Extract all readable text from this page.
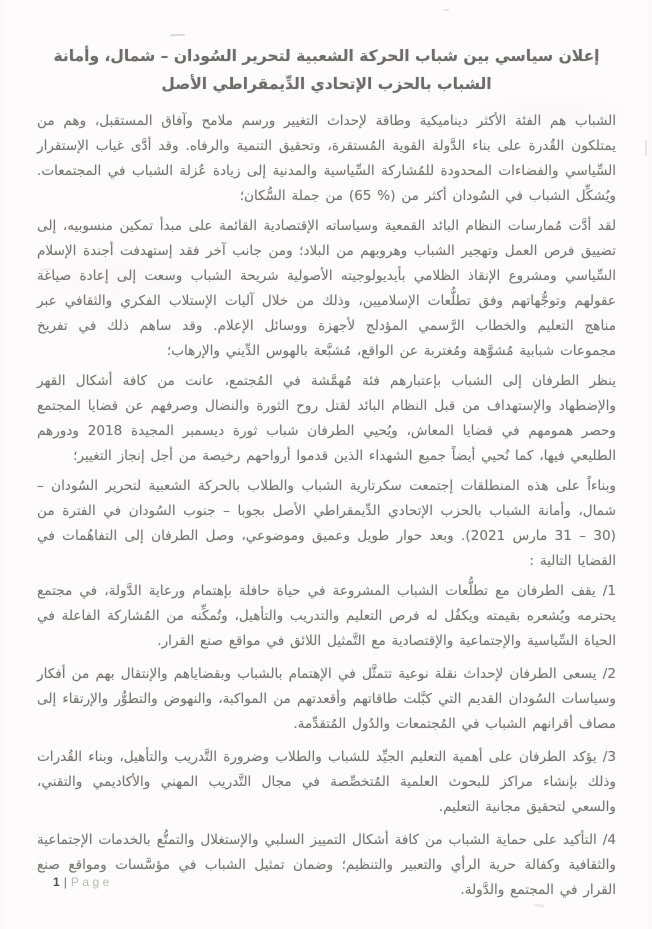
إعلان سياسي بين شباب الحركة الشعبية لتحرير السُودان – شمال، وأمانة الشباب بالحزب الإتحادي الدِّيمقراطي الأصل

الشباب هم الفئة الأكثر ديناميكية وطاقة لإحداث التغيير ورسم ملامح وآفاق المستقبل، وهم من يمتلكون القُدرة على بناء الدَّولة القوية المُستقرة، وتحقيق التنمية والرفاه. وقد أدَّى غياب الإستقرار السِّياسي والفضاءات المحدودة للمُشاركة السِّياسية والمدنية إلى زيادة عُزلة الشباب في المجتمعات. ويُشكِّل الشباب في السُودان أكثر من ⁦(65 %)⁩ من جملة السُّكان؛

لقد أدَّت مُمارسات النظام البائد القمعية وسياساته الإقتصادية القائمة على مبدأ تمكين منسوبيه، إلى تضييق فرص العمل وتهجير الشباب وهروبهم من البلاد؛ ومن جانب آخر فقد إستهدفت أجندة الإسلام السِّياسي ومشروع الإنقاذ الظلامي بأيديولوجيته الأصولية شريحة الشباب وسعت إلى إعادة صياغة عقولهم وتوجُّهاتهم وفق تطلُّعات الإسلاميين، وذلك من خلال آليات الإستلاب الفكري والثقافي عبر مناهج التعليم والخطاب الرَّسمي المؤدلج لأجهزة ووسائل الإعلام. وقد ساهم ذلك في تفريخ مجموعات شبابية مُشوَّهة ومُغتربة عن الواقع، مُشبَّعة بالهوس الدِّيني والإرهاب؛

ينظر الطرفان إلى الشباب بإعتبارهم فئة مُهمَّشة في المُجتمع، عانت من كافة أشكال القهر والإضطهاد والإستهداف من قبل النظام البائد لقتل روح الثورة والنضال وصرفهم عن قضايا المجتمع وحصر همومهم في قضايا المعاش، ويُحيي الطرفان شباب ثورة ديسمبر المجيدة 2018 ودورهم الطليعي فيها، كما نُحيي أيضاً جميع الشهداء الذين قدموا أرواحهم رخيصة من أجل إنجاز التغيير؛

وبناءاً على هذه المنطلقات إجتمعت سكرتارية الشباب والطلاب بالحركة الشعبية لتحرير السُودان – شمال، وأمانة الشباب بالحزب الإتحادي الدِّيمقراطي الأصل بجوبا – جنوب السُودان في الفترة من (30 – 31 مارس 2021). وبعد حوار طويل وعميق وموضوعي، وصل الطرفان إلى التفاهُمات في القضايا التالية :

1/ يقف الطرفان مع تطلُّعات الشباب المشروعة في حياة حافلة بإهتمام ورعاية الدَّولة، في مجتمع يحترمه ويُشعره بقيمته ويكفُل له فرص التعليم والتدريب والتأهيل، وتُمكِّنه من المُشاركة الفاعلة في الحياة السِّياسية والإجتماعية والإقتصادية مع التَّمثيل اللائق في مواقع صنع القرار.

2/ يسعى الطرفان لإحداث نقلة نوعية تتمثَّل في الإهتمام بالشباب وبقضاياهم والإنتقال بهم من أفكار وسياسات السُودان القديم التي كبَّلت طاقاتهم وأقعدتهم من المواكبة، والنهوض والتطوُّر والإرتقاء إلى مصاف أقرانهم الشباب في المُجتمعات والدُول المُتقدِّمة.

3/ يؤكد الطرفان على أهمية التعليم الجيِّد للشباب والطلاب وضرورة التَّدريب والتأهيل، وبناء القُدرات وذلك بإنشاء مراكز للبحوث العلمية المُتخصِّصة في مجال التَّدريب المهني والأكاديمي والتقني، والسعي لتحقيق مجانية التعليم.

4/ التأكيد على حماية الشباب من كافة أشكال التمييز السلبي والإستغلال والتمتُّع بالخدمات الإجتماعية والثقافية وكفالة حرية الرأي والتعبير والتنظيم؛ وضمان تمثيل الشباب في مؤسَّسات ومواقع صنع القرار في المجتمع والدَّولة.

1 | Page
